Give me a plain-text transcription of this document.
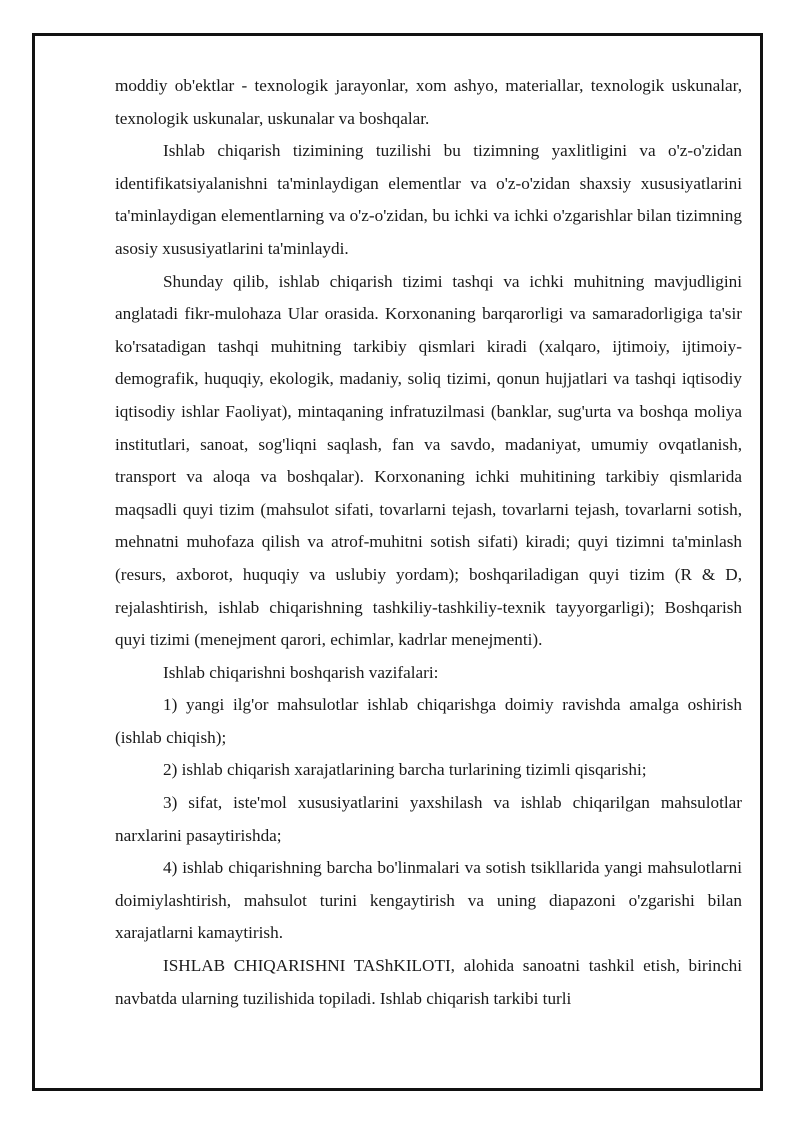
moddiy ob'ektlar - texnologik jarayonlar, xom ashyo, materiallar, texnologik uskunalar, texnologik uskunalar, uskunalar va boshqalar.

Ishlab chiqarish tizimining tuzilishi bu tizimning yaxlitligini va o'z-o'zidan identifikatsiyalanishni ta'minlaydigan elementlar va o'z-o'zidan shaxsiy xususiyatlarini ta'minlaydigan elementlarning va o'z-o'zidan, bu ichki va ichki o'zgarishlar bilan tizimning asosiy xususiyatlarini ta'minlaydi.

Shunday qilib, ishlab chiqarish tizimi tashqi va ichki muhitning mavjudligini anglatadi fikr-mulohaza Ular orasida. Korxonaning barqarorligi va samaradorligiga ta'sir ko'rsatadigan tashqi muhitning tarkibiy qismlari kiradi (xalqaro, ijtimoiy, ijtimoiy-demografik, huquqiy, ekologik, madaniy, soliq tizimi, qonun hujjatlari va tashqi iqtisodiy iqtisodiy ishlar Faoliyat), mintaqaning infratuzilmasi (banklar, sug'urta va boshqa moliya institutlari, sanoat, sog'liqni saqlash, fan va savdo, madaniyat, umumiy ovqatlanish, transport va aloqa va boshqalar). Korxonaning ichki muhitining tarkibiy qismlarida maqsadli quyi tizim (mahsulot sifati, tovarlarni tejash, tovarlarni tejash, tovarlarni sotish, mehnatni muhofaza qilish va atrof-muhitni sotish sifati) kiradi; quyi tizimni ta'minlash (resurs, axborot, huquqiy va uslubiy yordam); boshqariladigan quyi tizim (R & D, rejalashtirish, ishlab chiqarishning tashkiliy-tashkiliy-texnik tayyorgarligi); Boshqarish quyi tizimi (menejment qarori, echimlar, kadrlar menejmenti).

Ishlab chiqarishni boshqarish vazifalari:

1) yangi ilg'or mahsulotlar ishlab chiqarishga doimiy ravishda amalga oshirish (ishlab chiqish);

2) ishlab chiqarish xarajatlarining barcha turlarining tizimli qisqarishi;

3) sifat, iste'mol xususiyatlarini yaxshilash va ishlab chiqarilgan mahsulotlar narxlarini pasaytirishda;

4) ishlab chiqarishning barcha bo'linmalari va sotish tsikllarida yangi mahsulotlarni doimiylashtirish, mahsulot turini kengaytirish va uning diapazoni o'zgarishi bilan xarajatlarni kamaytirish.

ISHLAB CHIQARISHNI TAShKILOTI, alohida sanoatni tashkil etish, birinchi navbatda ularning tuzilishida topiladi. Ishlab chiqarish tarkibi turli
